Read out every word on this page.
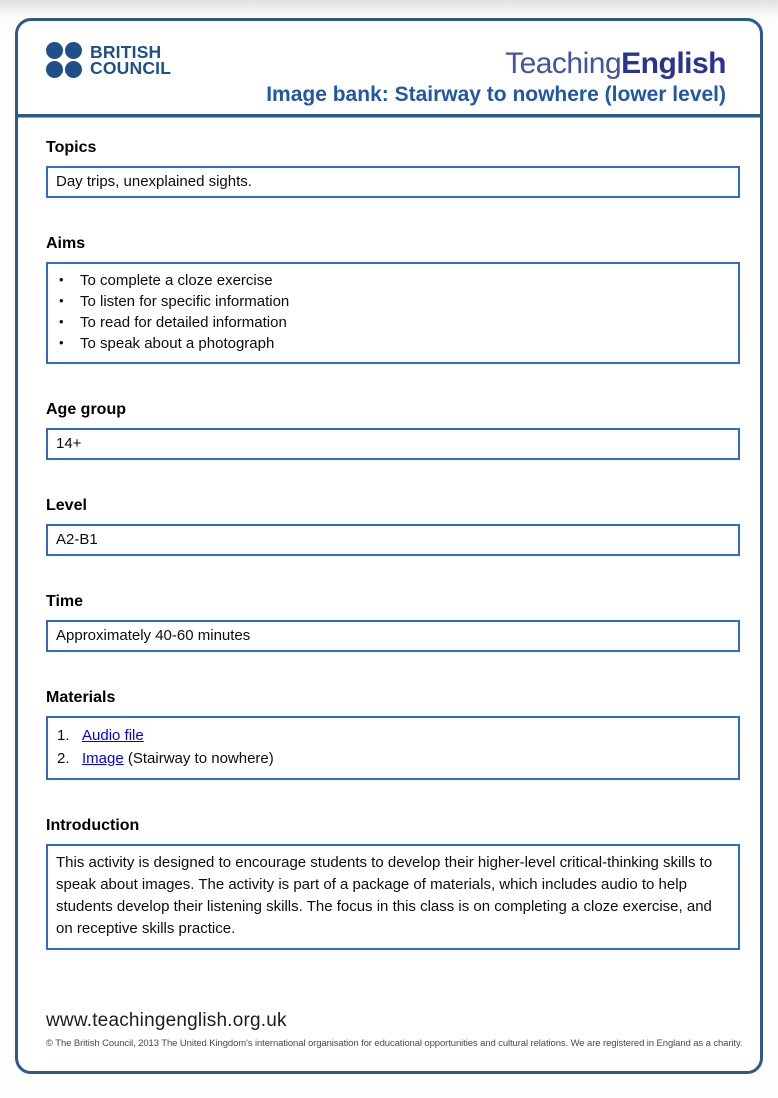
BRITISH
COUNCIL	TeachingEnglish
Image bank: Stairway to nowhere (lower level)
Topics
Day trips, unexplained sights.
Aims
•	To complete a cloze exercise
•	To listen for specific information
•	To read for detailed information
•	To speak about a photograph
Age group
14+
Level
A2-B1
Time
Approximately 40-60 minutes
Materials
1. Audio file
2. Image (Stairway to nowhere)
Introduction
This activity is designed to encourage students to develop their higher-level critical-thinking skills to speak about images. The activity is part of a package of materials, which includes audio to help students develop their listening skills. The focus in this class is on completing a cloze exercise, and on receptive skills practice.
www.teachingenglish.org.uk
© The British Council, 2013 The United Kingdom's international organisation for educational opportunities and cultural relations. We are registered in England as a charity.
